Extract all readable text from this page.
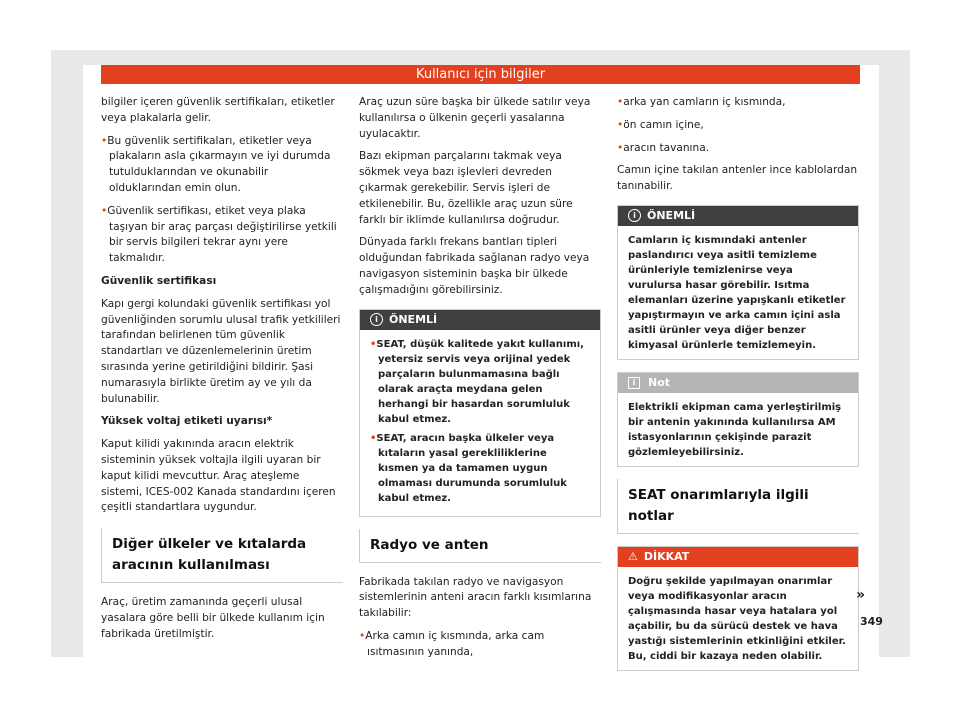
Kullanıcı için bilgiler

bilgiler içeren güvenlik sertifikaları, etiketler veya plakalarla gelir.

• Bu güvenlik sertifikaları, etiketler veya plakaların asla çıkarmayın ve iyi durumda tutulduklarından ve okunabilir olduklarından emin olun.

• Güvenlik sertifikası, etiket veya plaka taşıyan bir araç parçası değiştirilirse yetkili bir servis bilgileri tekrar aynı yere takmalıdır.

Güvenlik sertifikası

Kapı gergi kolundaki güvenlik sertifikası yol güvenliğinden sorumlu ulusal trafik yetkilileri tarafından belirlenen tüm güvenlik standartları ve düzenlemelerinin üretim sırasında yerine getirildiğini bildirir. Şasi numarasıyla birlikte üretim ay ve yılı da bulunabilir.

Yüksek voltaj etiketi uyarısı*

Kaput kilidi yakınında aracın elektrik sisteminin yüksek voltajla ilgili uyaran bir kaput kilidi mevcuttur. Araç ateşleme sistemi, ICES-002 Kanada standardını içeren çeşitli standartlara uygundur.

Diğer ülkeler ve kıtalarda aracının kullanılması

Araç, üretim zamanında geçerli ulusal yasalara göre belli bir ülkede kullanım için fabrikada üretilmiştir.

Araç uzun süre başka bir ülkede satılır veya kullanılırsa o ülkenin geçerli yasalarına uyulacaktır.

Bazı ekipman parçalarını takmak veya sökmek veya bazı işlevleri devreden çıkarmak gerekebilir. Servis işleri de etkilenebilir. Bu, özellikle araç uzun süre farklı bir iklimde kullanılırsa doğrudur.

Dünyada farklı frekans bantları tipleri olduğundan fabrikada sağlanan radyo veya navigasyon sisteminin başka bir ülkede çalışmadığını görebilirsiniz.

i ÖNEMLİ

• SEAT, düşük kalitede yakıt kullanımı, yetersiz servis veya orijinal yedek parçaların bulunmamasına bağlı olarak araçta meydana gelen herhangi bir hasardan sorumluluk kabul etmez.

• SEAT, aracın başka ülkeler veya kıtaların yasal gerekliliklerine kısmen ya da tamamen uygun olmaması durumunda sorumluluk kabul etmez.

Radyo ve anten

Fabrikada takılan radyo ve navigasyon sistemlerinin anteni aracın farklı kısımlarına takılabilir:

• Arka camın iç kısmında, arka cam ısıtmasının yanında,

• arka yan camların iç kısmında,

• ön camın içine,

• aracın tavanına.

Camın içine takılan antenler ince kablolardan tanınabilir.

i ÖNEMLİ
Camların iç kısmındaki antenler paslandırıcı veya asitli temizleme ürünleriyle temizlenirse veya vurulursa hasar görebilir. Isıtma elemanları üzerine yapışkanlı etiketler yapıştırmayın ve arka camın içini asla asitli ürünler veya diğer benzer kimyasal ürünlerle temizlemeyin.
i Not
Elektrikli ekipman cama yerleştirilmiş bir antenin yakınında kullanılırsa AM istasyonlarının çekişinde parazit gözlemleyebilirsiniz.
SEAT onarımlarıyla ilgili notlar
⚠ DİKKAT
Doğru şekilde yapılmayan onarımlar veya modifikasyonlar aracın çalışmasında hasar veya hatalara yol açabilir, bu da sürücü destek ve hava yastığı sistemlerinin etkinliğini etkiler. Bu, ciddi bir kazaya neden olabilir.
»
349
